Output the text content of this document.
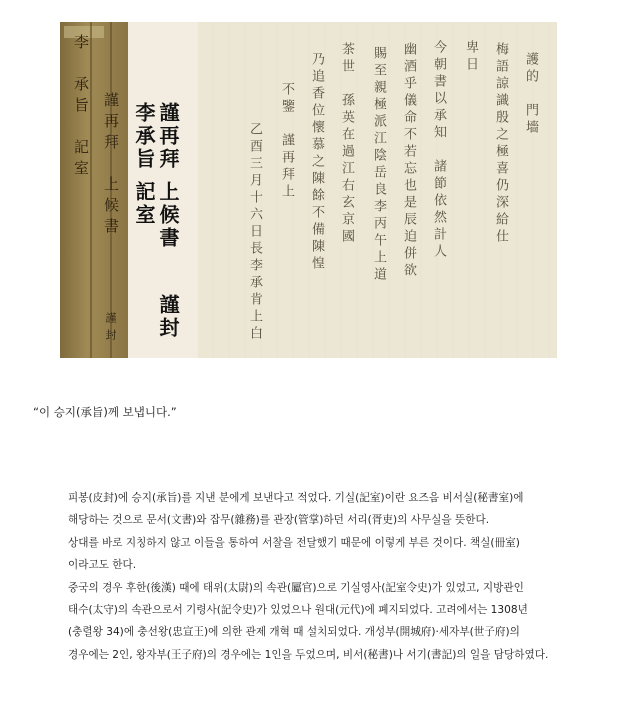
李　承旨　記室 謹再拜　上候書
謹封
李承旨 記室 謹再拜 上候書
謹封
護的　門墻
梅語諒識殷之極喜仍深給仕
卑日
今朝書以承知　諸節依然計人
幽酒乎儀命不若忘也是辰迫併欲
賜至親極派江陰岳良李丙午上道
茶世　孫英在過江右玄京國
乃追香位懷慕之陳餘不備陳惶
不鑒　謹再拜上
乙酉三月十六日長李承肯上白
“이 승지(承旨)께 보냅니다.”

피봉(皮封)에 승지(承旨)를 지낸 분에게 보낸다고 적었다. 기실(記室)이란 요즈음 비서실(秘書室)에

해당하는 것으로 문서(文書)와 잡무(雜務)를 관장(管掌)하던 서리(胥吏)의 사무실을 뜻한다.

상대를 바로 지칭하지 않고 이들을 통하여 서찰을 전달했기 때문에 이렇게 부른 것이다. 책실(冊室)

이라고도 한다.

중국의 경우 후한(後漢) 때에 태위(太尉)의 속관(屬官)으로 기실영사(記室令史)가 있었고, 지방관인

태수(太守)의 속관으로서 기령사(記令史)가 있었으나 원대(元代)에 폐지되었다. 고려에서는 1308년

(충렬왕 34)에 충선왕(忠宣王)에 의한 관제 개혁 때 설치되었다. 개성부(開城府)·세자부(世子府)의

경우에는 2인, 왕자부(王子府)의 경우에는 1인을 두었으며, 비서(秘書)나 서기(書記)의 일을 담당하였다.
